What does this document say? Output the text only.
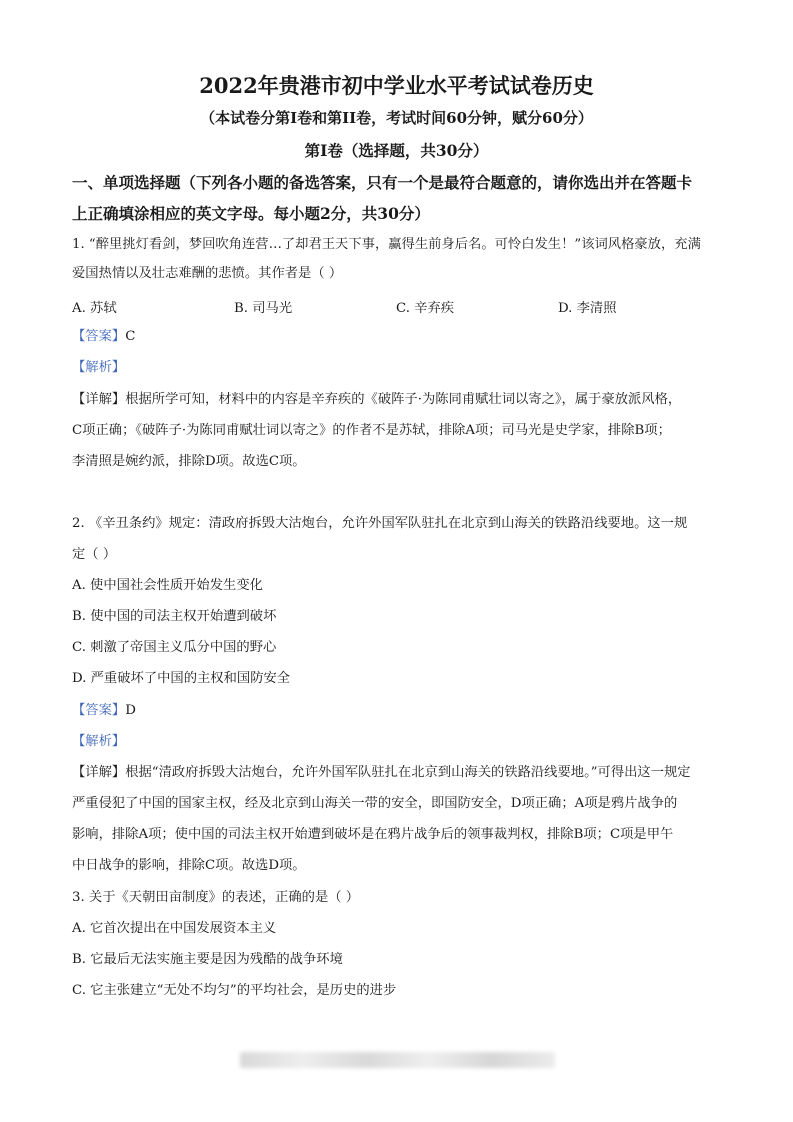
2022年贵港市初中学业水平考试试卷历史
（本试卷分第I卷和第II卷，考试时间60分钟，赋分60分）
第I卷（选择题，共30分）
一、单项选择题（下列各小题的备选答案，只有一个是最符合题意的，请你选出并在答题卡
上正确填涂相应的英文字母。每小题2分，共30分）
1. “醉里挑灯看剑，梦回吹角连营…了却君王天下事，赢得生前身后名。可怜白发生！”该词风格豪放，充满
爱国热情以及壮志难酬的悲愤。其作者是（ ）
A. 苏轼	B. 司马光	C. 辛弃疾	D. 李清照
【答案】C
【解析】
【详解】根据所学可知，材料中的内容是辛弃疾的《破阵子·为陈同甫赋壮词以寄之》，属于豪放派风格，
C项正确；《破阵子·为陈同甫赋壮词以寄之》的作者不是苏轼，排除A项；司马光是史学家，排除B项；
李清照是婉约派，排除D项。故选C项。
2. 《辛丑条约》规定：清政府拆毁大沽炮台，允许外国军队驻扎在北京到山海关的铁路沿线要地。这一规
定（ ）
A. 使中国社会性质开始发生变化
B. 使中国的司法主权开始遭到破坏
C. 刺激了帝国主义瓜分中国的野心
D. 严重破坏了中国的主权和国防安全
【答案】D
【解析】
【详解】根据“清政府拆毁大沽炮台，允许外国军队驻扎在北京到山海关的铁路沿线要地。”可得出这一规定
严重侵犯了中国的国家主权，经及北京到山海关一带的安全，即国防安全，D项正确；A项是鸦片战争的
影响，排除A项；使中国的司法主权开始遭到破坏是在鸦片战争后的领事裁判权，排除B项；C项是甲午
中日战争的影响，排除C项。故选D项。
3. 关于《天朝田亩制度》的表述，正确的是（ ）
A. 它首次提出在中国发展资本主义
B. 它最后无法实施主要是因为残酷的战争环境
C. 它主张建立“无处不均匀”的平均社会，是历史的进步
